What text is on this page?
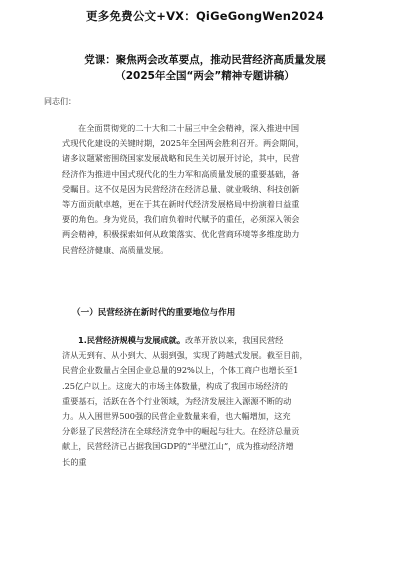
更多免费公文+VX：QiGeGongWen2024
党课：聚焦两会改革要点，推动民营经济高质量发展
（2025年全国“两会”精神专题讲稿）
同志们：
在全面贯彻党的二十大和二十届三中全会精神，深入推进中国
式现代化建设的关键时期，2025年全国两会胜利召开。两会期间，
诸多议题紧密围绕国家发展战略和民生关切展开讨论，其中，民营
经济作为推进中国式现代化的生力军和高质量发展的重要基础，备
受瞩目。这不仅是因为民营经济在经济总量、就业吸纳、科技创新
等方面贡献卓越，更在于其在新时代经济发展格局中扮演着日益重
要的角色。身为党员，我们肩负着时代赋予的重任，必须深入领会
两会精神，积极探索如何从政策落实、优化营商环境等多维度助力
民营经济健康、高质量发展。
（一）民营经济在新时代的重要地位与作用
1.民营经济规模与发展成就。改革开放以来，我国民营经
济从无到有、从小到大、从弱到强，实现了跨越式发展。截至目前，
民营企业数量占全国企业总量的92%以上，个体工商户也增长至1
.25亿户以上。这庞大的市场主体数量，构成了我国市场经济的
重要基石，活跃在各个行业领域，为经济发展注入源源不断的动
力。从入围世界500强的民营企业数量来看，也大幅增加，这充
分彰显了民营经济在全球经济竞争中的崛起与壮大。在经济总量贡
献上，民营经济已占据我国GDP的“半壁江山”，成为推动经济增
长的重
